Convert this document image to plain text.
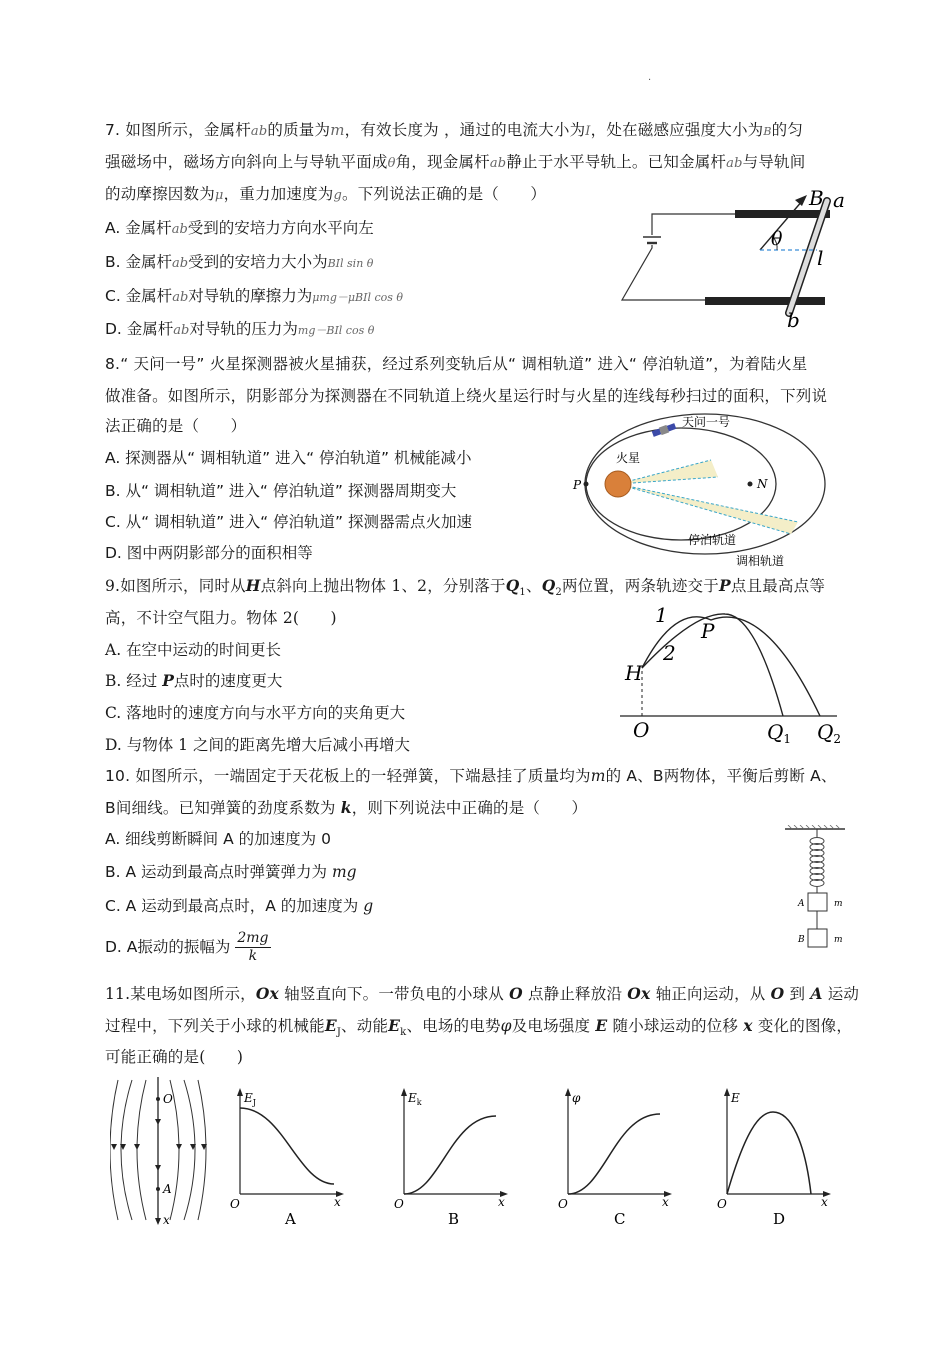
.
7. 如图所示，金属杆ab的质量为m，有效长度为 ，通过的电流大小为I，处在磁感应强度大小为B的匀
强磁场中，磁场方向斜向上与导轨平面成θ角，现金属杆ab静止于水平导轨上。已知金属杆ab与导轨间
的动摩擦因数为μ，重力加速度为g。下列说法正确的是（　　）
A. 金属杆ab受到的安培力方向水平向左
B. 金属杆ab受到的安培力大小为BIl sin θ
C. 金属杆ab对导轨的摩擦力为μmg－μBIl cos θ
D. 金属杆ab对导轨的压力为mg－BIl cos θ
B a
θ
l
b
8.“ 天问一号” 火星探测器被火星捕获，经过系列变轨后从“ 调相轨道” 进入“ 停泊轨道”，为着陆火星
做准备。如图所示，阴影部分为探测器在不同轨道上绕火星运行时与火星的连线每秒扫过的面积，下列说
法正确的是（　　）
A. 探测器从“ 调相轨道” 进入“ 停泊轨道” 机械能减小
B. 从“ 调相轨道” 进入“ 停泊轨道” 探测器周期变大
C. 从“ 调相轨道” 进入“ 停泊轨道” 探测器需点火加速
D. 图中两阴影部分的面积相等
天问一号
火星
P	N
停泊轨道
调相轨道
9.如图所示，同时从H点斜向上抛出物体 1、2，分别落于$Q_1$、$Q_2$两位置，两条轨迹交于P点且最高点等
高，不计空气阻力。物体 2(　　)
A. 在空中运动的时间更长
B. 经过 P点时的速度更大
C. 落地时的速度方向与水平方向的夹角更大
D. 与物体 1 之间的距离先增大后减小再增大
1
2
P
H
O	$Q_1$ $Q_2$
10. 如图所示，一端固定于天花板上的一轻弹簧，下端悬挂了质量均为m的 A、B两物体，平衡后剪断 A、
B间细线。已知弹簧的劲度系数为 k，则下列说法中正确的是（　　）
A. 细线剪断瞬间 A 的加速度为 0
B. A 运动到最高点时弹簧弹力为 mg
C. A 运动到最高点时，A 的加速度为 g
D. A振动的振幅为 $\frac{2mg}{k}$
A
B
m
m
11.某电场如图所示，Ox 轴竖直向下。一带负电的小球从 O 点静止释放沿 Ox 轴正向运动，从 O 到 A 运动
过程中，下列关于小球的机械能$E_J$、动能$E_k$、电场的电势φ及电场强度 E 随小球运动的位移 x 变化的图像，
可能正确的是(　　)
O
A
x
$E_J$
O	x
A
$E_k$
O	x
B
φ
O	x
C
E
O	x
D
